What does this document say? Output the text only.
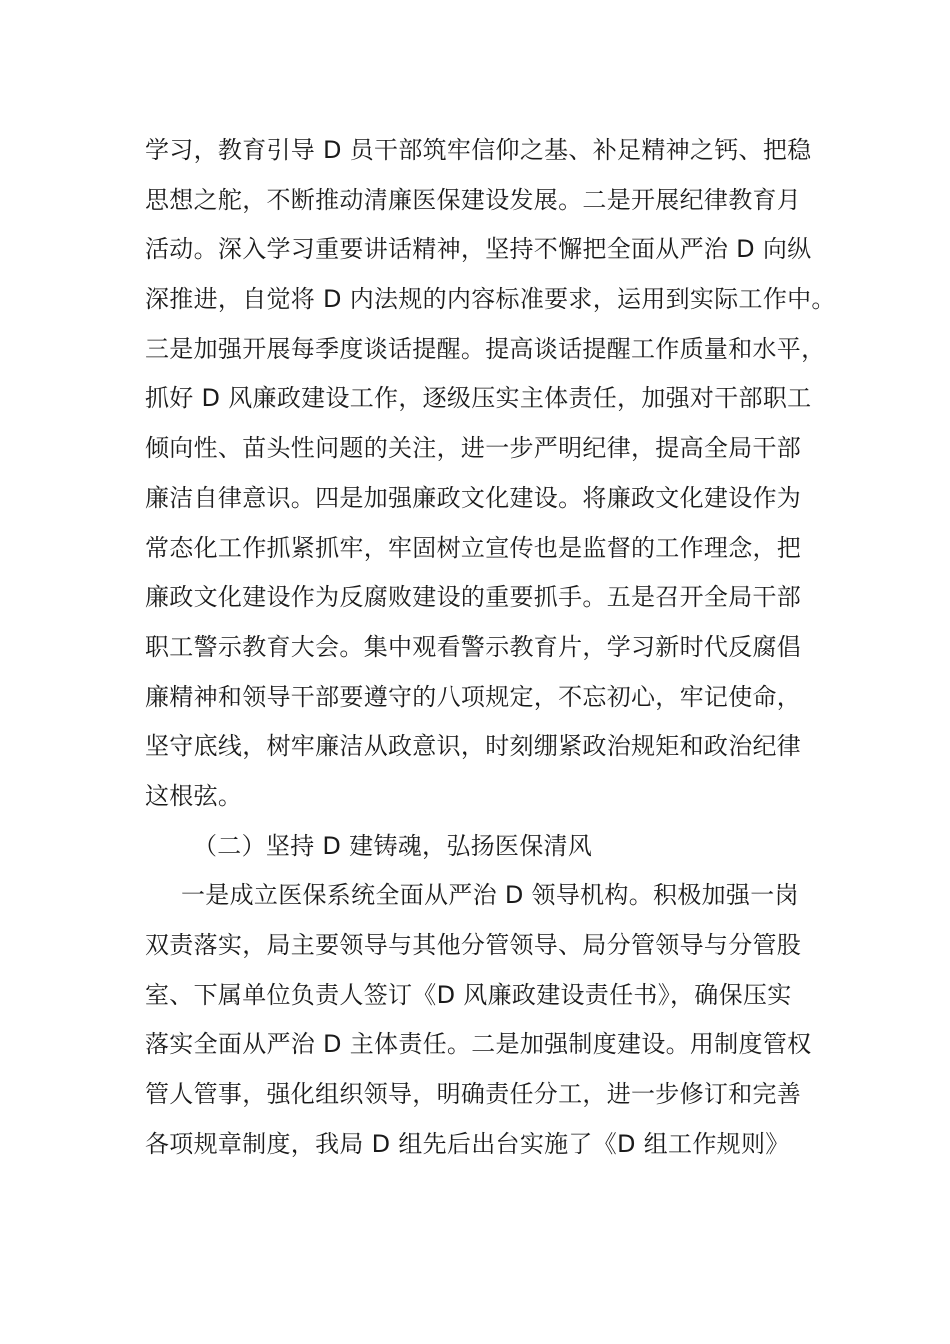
学习，教育引导 D 员干部筑牢信仰之基、补足精神之钙、把稳
思想之舵，不断推动清廉医保建设发展。二是开展纪律教育月
活动。深入学习重要讲话精神，坚持不懈把全面从严治 D 向纵
深推进，自觉将 D 内法规的内容标准要求，运用到实际工作中。
三是加强开展每季度谈话提醒。提高谈话提醒工作质量和水平，
抓好 D 风廉政建设工作，逐级压实主体责任，加强对干部职工
倾向性、苗头性问题的关注，进一步严明纪律，提高全局干部
廉洁自律意识。四是加强廉政文化建设。将廉政文化建设作为
常态化工作抓紧抓牢，牢固树立宣传也是监督的工作理念，把
廉政文化建设作为反腐败建设的重要抓手。五是召开全局干部
职工警示教育大会。集中观看警示教育片，学习新时代反腐倡
廉精神和领导干部要遵守的八项规定，不忘初心，牢记使命，
坚守底线，树牢廉洁从政意识，时刻绷紧政治规矩和政治纪律
这根弦。
（二）坚持 D 建铸魂，弘扬医保清风
一是成立医保系统全面从严治 D 领导机构。积极加强一岗
双责落实，局主要领导与其他分管领导、局分管领导与分管股
室、下属单位负责人签订《D 风廉政建设责任书》，确保压实
落实全面从严治 D 主体责任。二是加强制度建设。用制度管权
管人管事，强化组织领导，明确责任分工，进一步修订和完善
各项规章制度，我局 D 组先后出台实施了《D 组工作规则》
